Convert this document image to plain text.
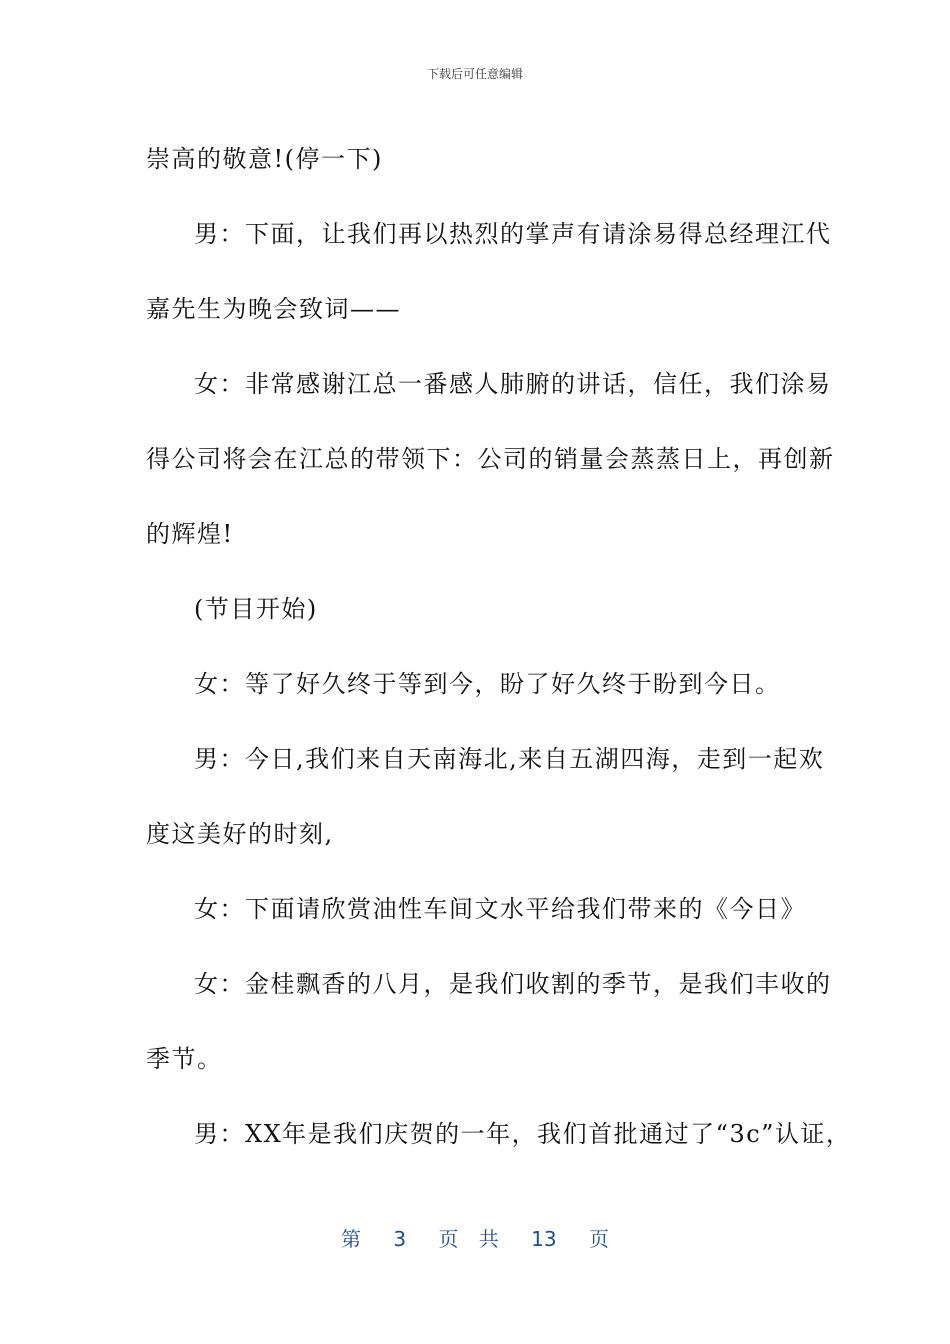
下载后可任意编辑
崇高的敬意!(停一下)
男：下面，让我们再以热烈的掌声有请涂易得总经理江代
嘉先生为晚会致词——
女：非常感谢江总一番感人肺腑的讲话，信任，我们涂易
得公司将会在江总的带领下：公司的销量会蒸蒸日上，再创新
的辉煌!
(节目开始)
女：等了好久终于等到今，盼了好久终于盼到今日。
男：今日,我们来自天南海北,来自五湖四海，走到一起欢
度这美好的时刻,
女：下面请欣赏油性车间文水平给我们带来的《今日》
女：金桂飘香的八月，是我们收割的季节，是我们丰收的
季节。
男：XX年是我们庆贺的一年，我们首批通过了“3c”认证，
第 3 页 共 13 页
